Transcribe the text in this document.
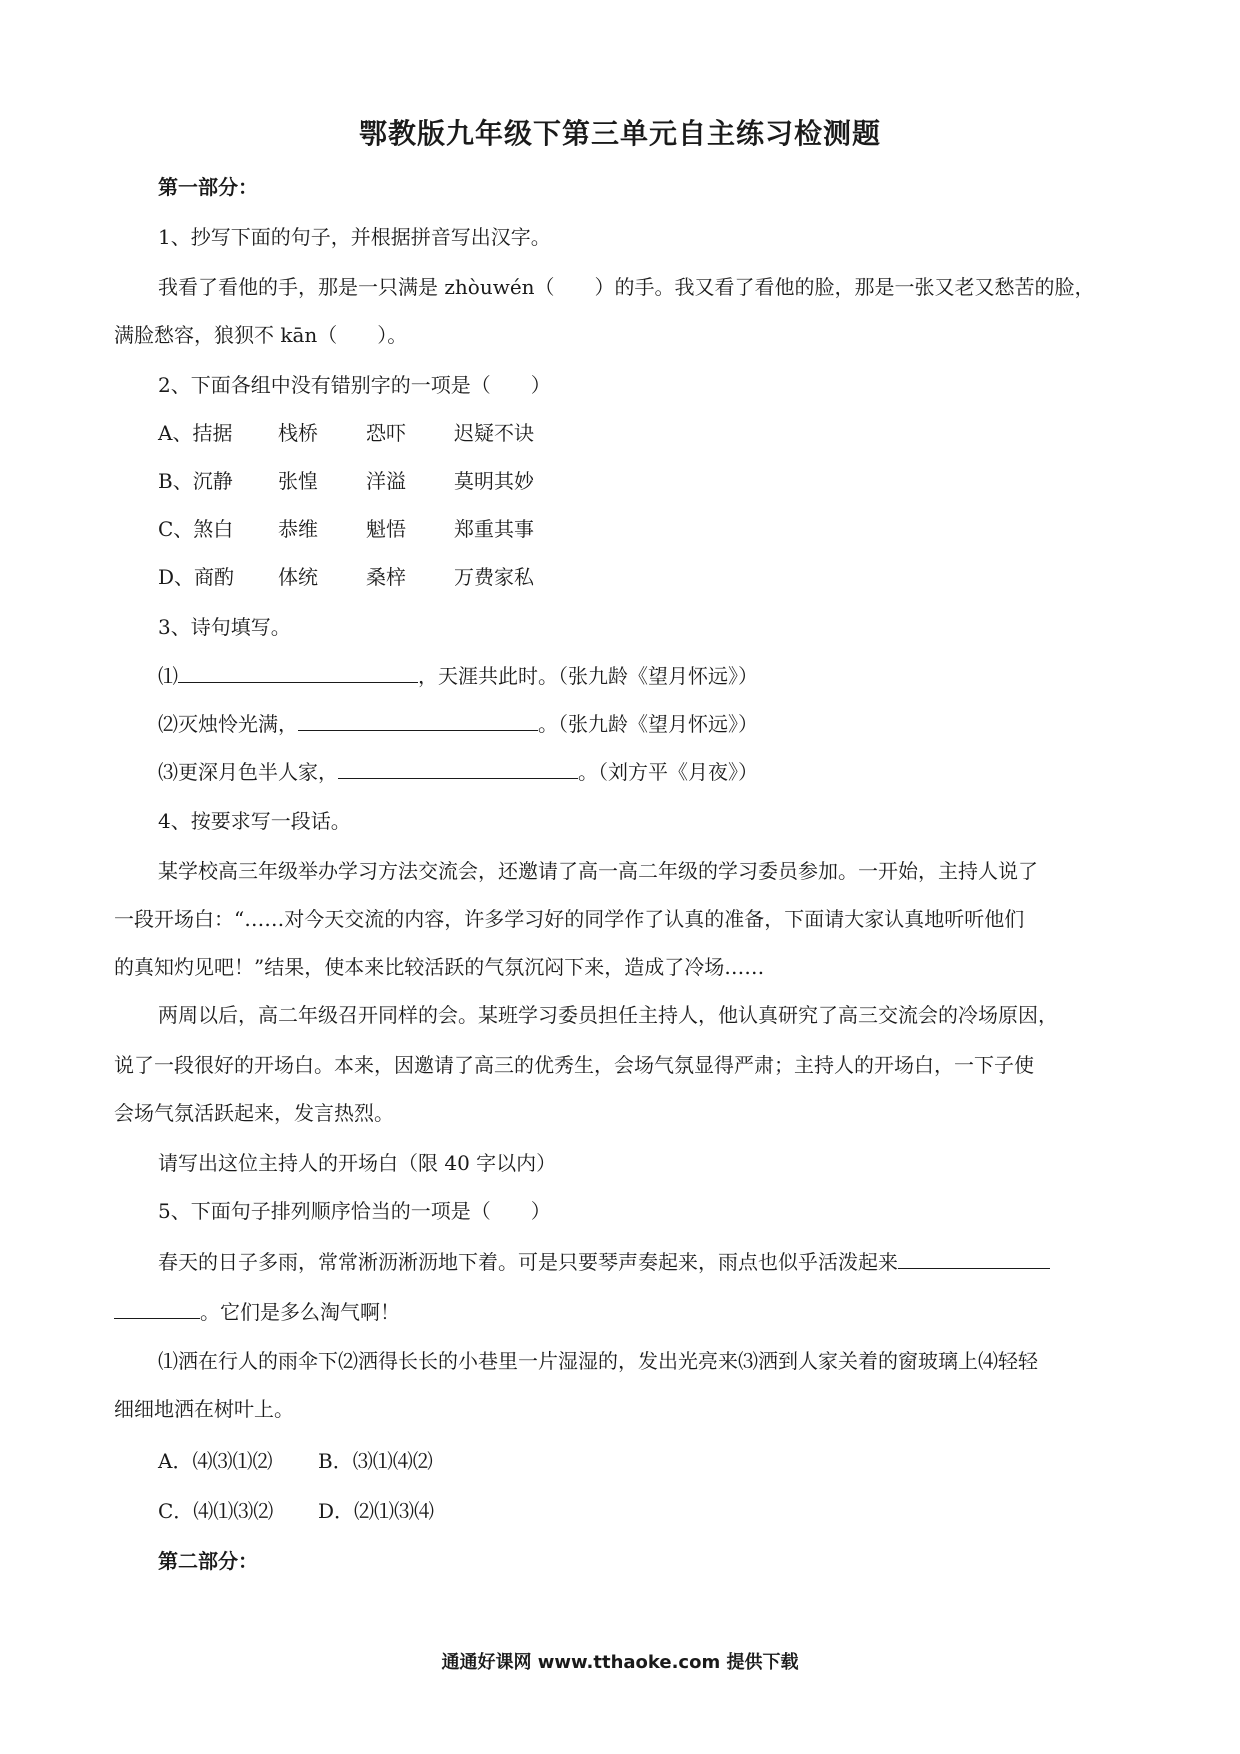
鄂教版九年级下第三单元自主练习检测题
第一部分：
1、抄写下面的句子，并根据拼音写出汉字。
我看了看他的手，那是一只满是 zhòuwén（　　）的手。我又看了看他的脸，那是一张又老又愁苦的脸，
满脸愁容，狼狈不 kān（　　）。
2、下面各组中没有错别字的一项是（　　）
A、拮据 栈桥 恐吓 迟疑不诀
B、沉静 张惶 洋溢 莫明其妙
C、煞白 恭维 魁悟 郑重其事
D、商酌 体统 桑梓 万费家私
3、诗句填写。
⑴	，天涯共此时。（张九龄《望月怀远》）
⑵灭烛怜光满，	。（张九龄《望月怀远》）
⑶更深月色半人家，	。（刘方平《月夜》）
4、按要求写一段话。
某学校高三年级举办学习方法交流会，还邀请了高一高二年级的学习委员参加。一开始，主持人说了
一段开场白：“……对今天交流的内容，许多学习好的同学作了认真的准备，下面请大家认真地听听他们
的真知灼见吧！”结果，使本来比较活跃的气氛沉闷下来，造成了冷场……
两周以后，高二年级召开同样的会。某班学习委员担任主持人，他认真研究了高三交流会的冷场原因，
说了一段很好的开场白。本来，因邀请了高三的优秀生，会场气氛显得严肃；主持人的开场白，一下子使
会场气氛活跃起来，发言热烈。
请写出这位主持人的开场白（限 40 字以内）
5、下面句子排列顺序恰当的一项是（　　）
春天的日子多雨，常常淅沥淅沥地下着。可是只要琴声奏起来，雨点也似乎活泼起来
。它们是多么淘气啊！
⑴洒在行人的雨伞下⑵洒得长长的小巷里一片湿湿的，发出光亮来⑶洒到人家关着的窗玻璃上⑷轻轻
细细地洒在树叶上。
A．⑷⑶⑴⑵ B．⑶⑴⑷⑵
C．⑷⑴⑶⑵ D．⑵⑴⑶⑷
第二部分：
通通好课网 www.tthaoke.com 提供下载
